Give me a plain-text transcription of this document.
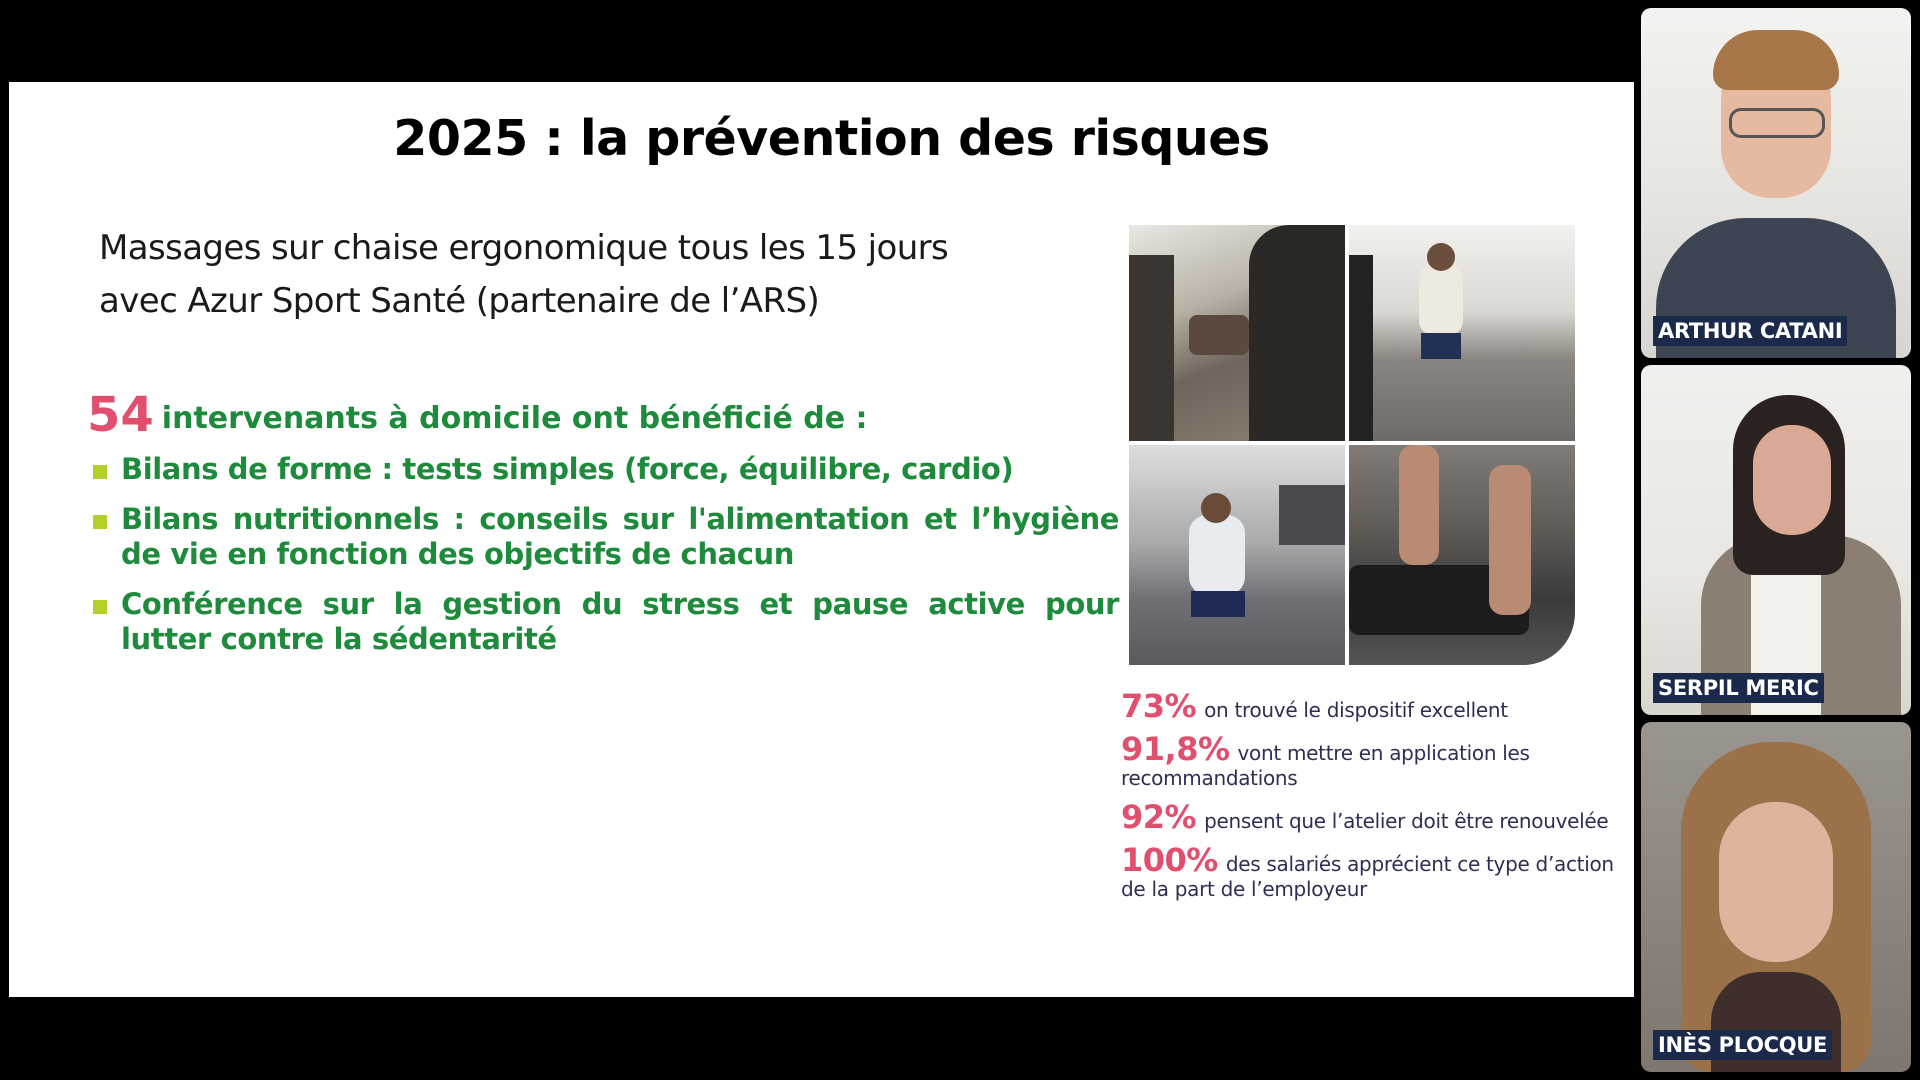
2025 : la prévention des risques
Massages sur chaise ergonomique tous les 15 jours
avec Azur Sport Santé (partenaire de l’ARS)
54 intervenants à domicile ont bénéficié de :
Bilans de forme : tests simples (force, équilibre, cardio)
Bilans nutritionnels : conseils sur l'alimentation et l’hygiène de vie en fonction des objectifs de chacun
Conférence sur la gestion du stress et pause active pour lutter contre la sédentarité
73% on trouvé le dispositif excellent
91,8% vont mettre en application les recommandations
92% pensent que l’atelier doit être renouvelée
100% des salariés apprécient ce type d’action de la part de l’employeur
ARTHUR CATANI
SERPIL MERIC
INÈS PLOCQUE
